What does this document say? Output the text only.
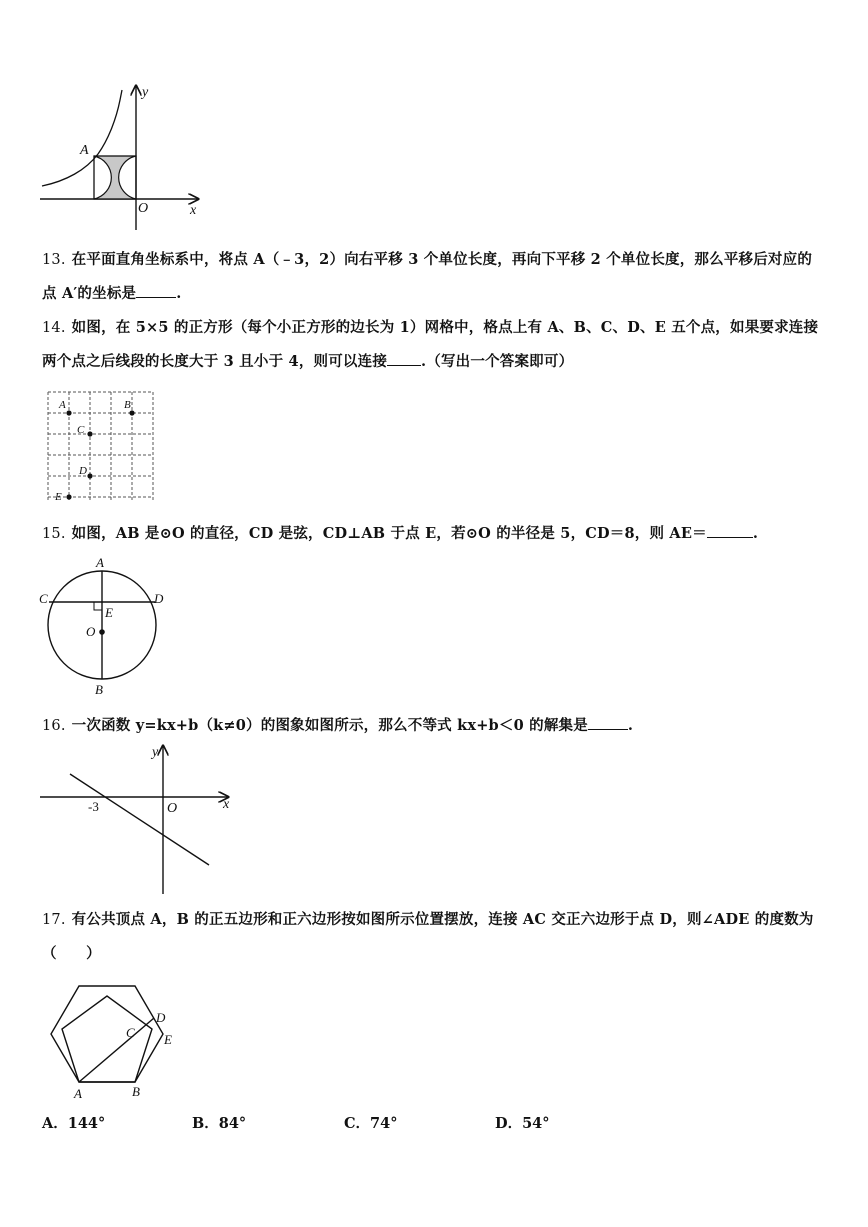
y
x
O
A
13. 在平面直角坐标系中，将点 A（﹣3，2）向右平移 3 个单位长度，再向下平移 2 个单位长度，那么平移后对应的
点 A′的坐标是	.
14. 如图，在 5×5 的正方形（每个小正方形的边长为 1）网格中，格点上有 A、B、C、D、E 五个点，如果要求连接
两个点之后线段的长度大于 3 且小于 4，则可以连接 .（写出一个答案即可）
A	B
C
D
E
15. 如图，AB 是⊙O 的直径，CD 是弦，CD⊥AB 于点 E，若⊙O 的半径是 5，CD＝8，则 AE＝	.
A
B
C	D
E
O
16. 一次函数 y=kx+b（k≠0）的图象如图所示，那么不等式 kx+b＜0 的解集是	.
y
x
O
-3
17. 有公共顶点 A，B 的正五边形和正六边形按如图所示位置摆放，连接 AC 交正六边形于点 D，则∠ADE 的度数为
（　　）
A	B
C
D
E
A．144°	B．84°	C．74°	D．54°
